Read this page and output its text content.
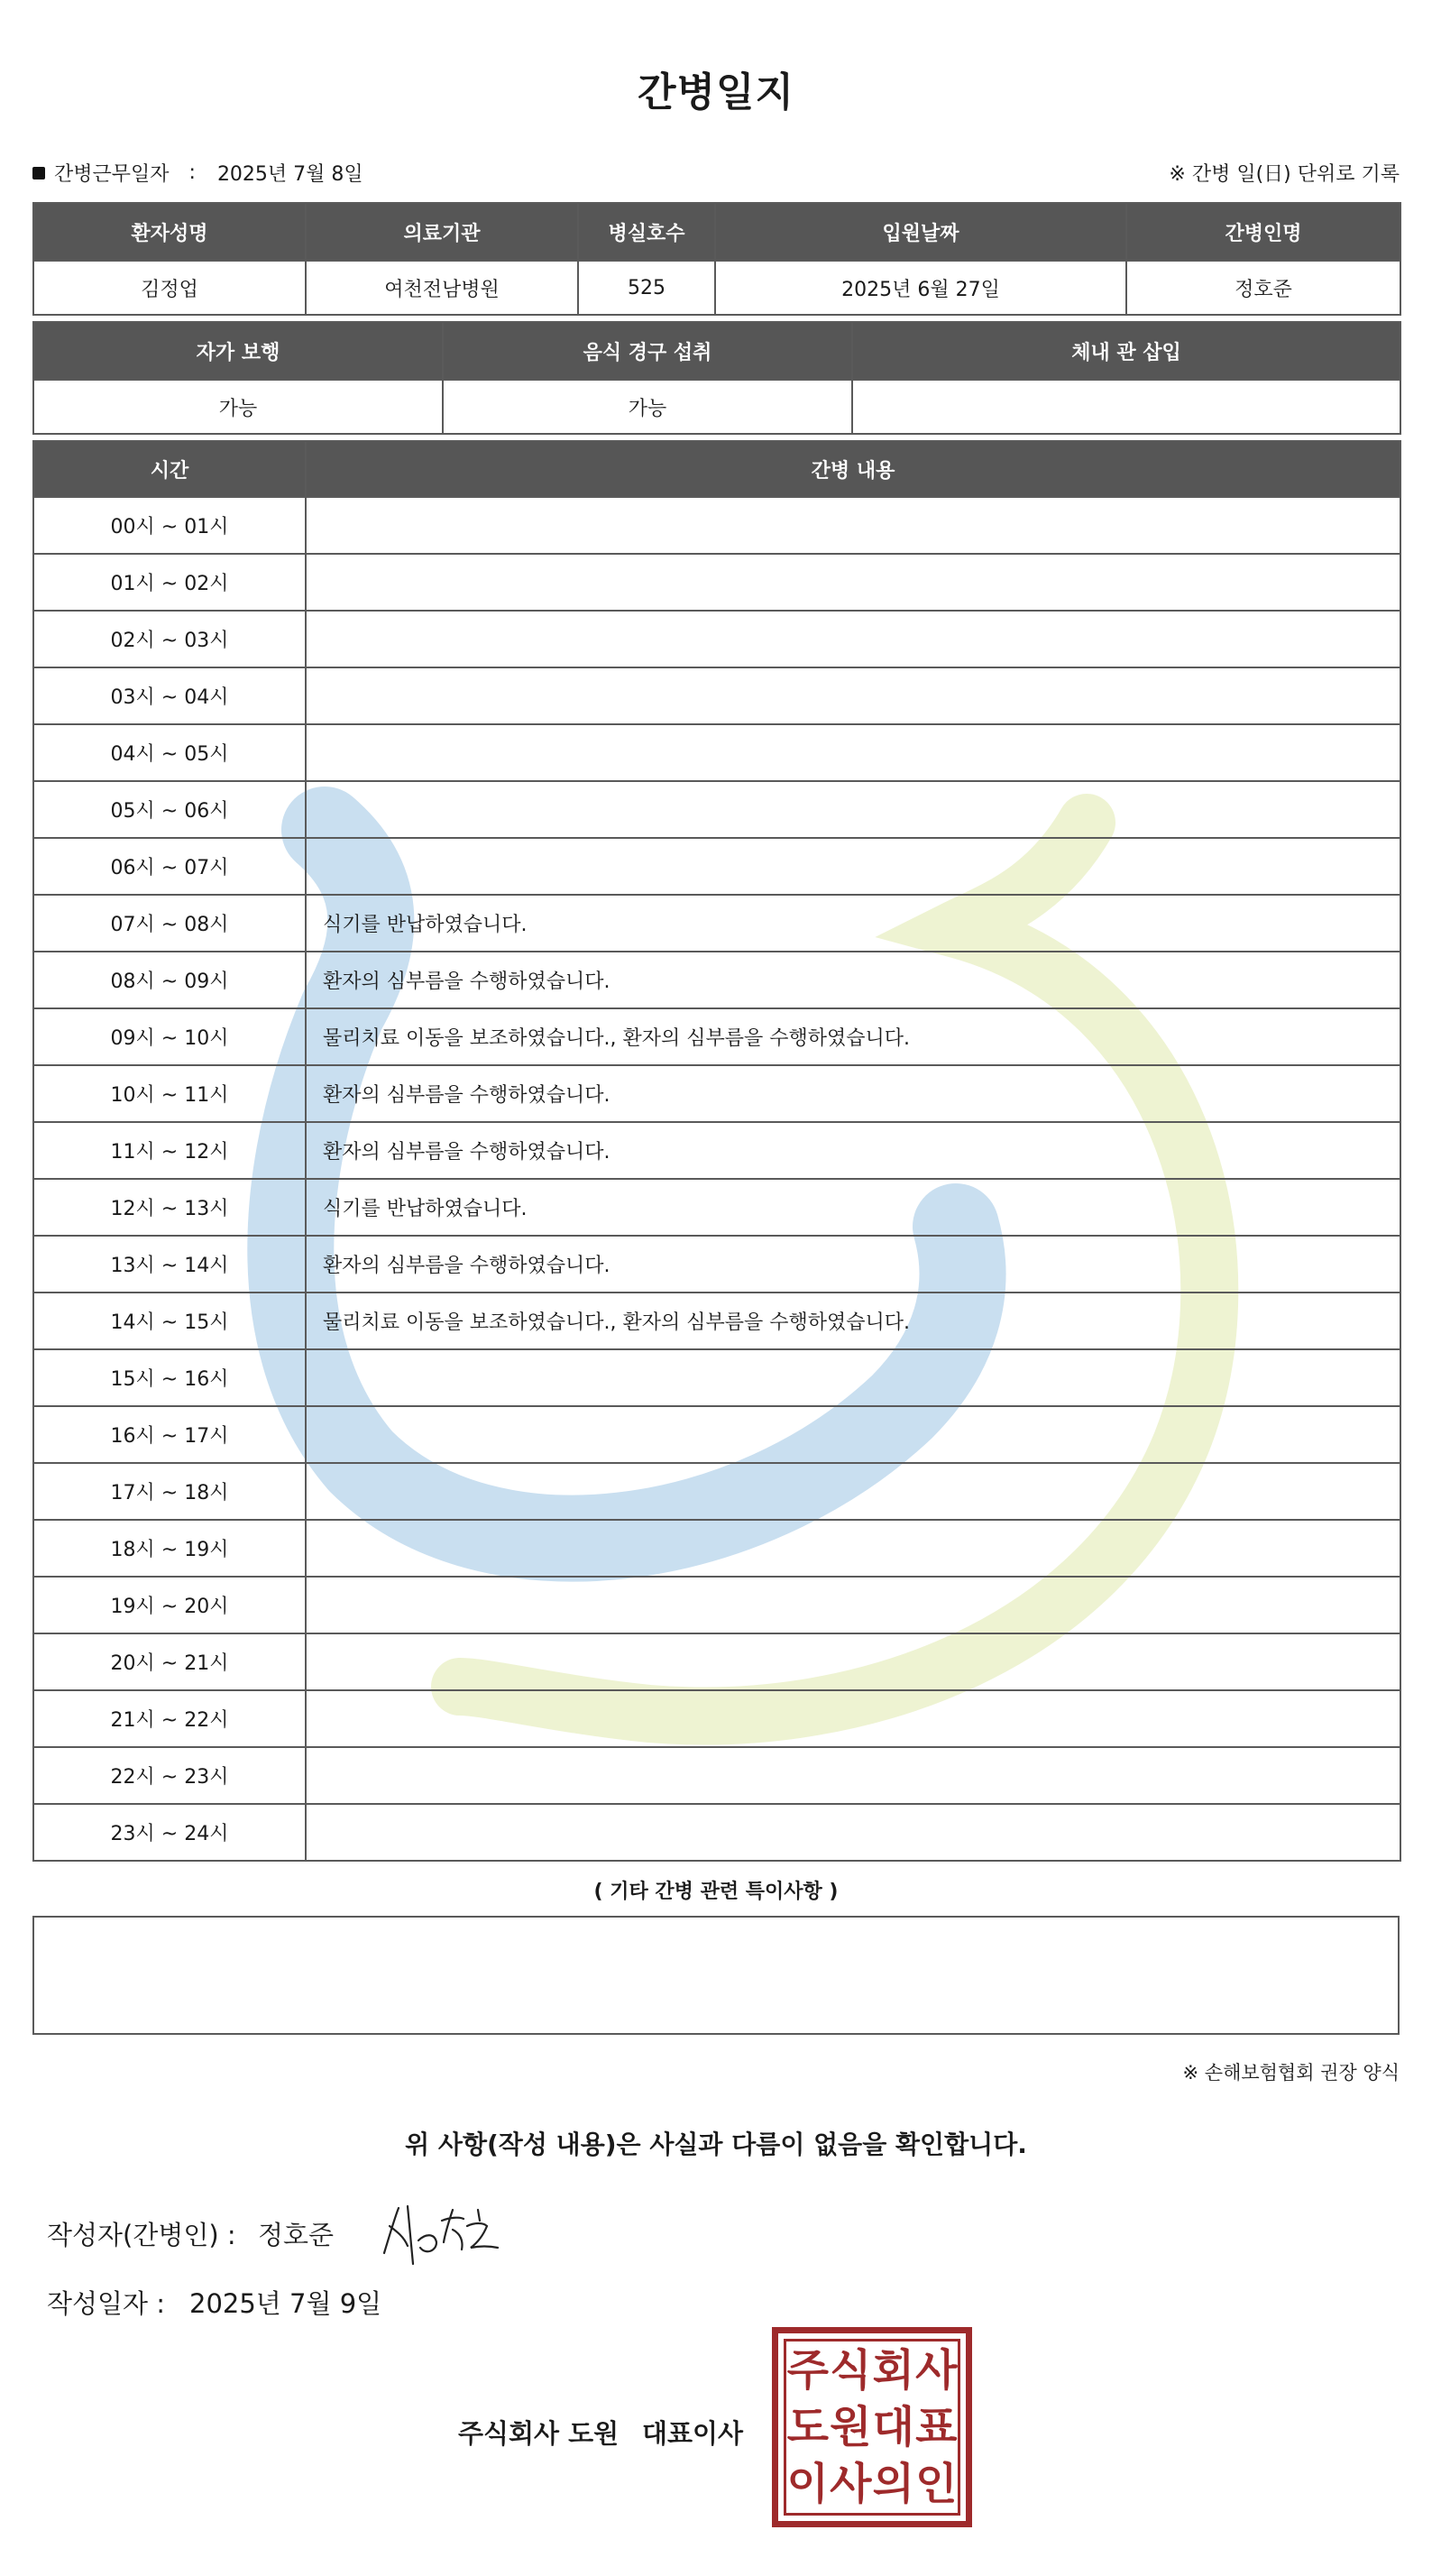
간병일지
간병근무일자 : 2025년 7월 8일	※ 간병 일(日) 단위로 기록
환자성명	의료기관	병실호수	입원날짜	간병인명
김정업	여천전남병원	525	2025년 6월 27일	정호준
자가 보행	음식 경구 섭취	체내 관 삽입
가능	가능	
시간	간병 내용
00시 ~ 01시	
01시 ~ 02시	
02시 ~ 03시	
03시 ~ 04시	
04시 ~ 05시	
05시 ~ 06시	
06시 ~ 07시	
07시 ~ 08시	식기를 반납하였습니다.
08시 ~ 09시	환자의 심부름을 수행하였습니다.
09시 ~ 10시	물리치료 이동을 보조하였습니다., 환자의 심부름을 수행하였습니다.
10시 ~ 11시	환자의 심부름을 수행하였습니다.
11시 ~ 12시	환자의 심부름을 수행하였습니다.
12시 ~ 13시	식기를 반납하였습니다.
13시 ~ 14시	환자의 심부름을 수행하였습니다.
14시 ~ 15시	물리치료 이동을 보조하였습니다., 환자의 심부름을 수행하였습니다.
15시 ~ 16시	
16시 ~ 17시	
17시 ~ 18시	
18시 ~ 19시	
19시 ~ 20시	
20시 ~ 21시	
21시 ~ 22시	
22시 ~ 23시	
23시 ~ 24시	
( 기타 간병 관련 특이사항 )
※ 손해보험협회 권장 양식
위 사항(작성 내용)은 사실과 다름이 없음을 확인합니다.
작성자(간병인) : 정호준
작성일자 : 2025년 7월 9일
주식회사 도원 대표이사
주 식 회 사
도 원 대 표
이 사 의 인
